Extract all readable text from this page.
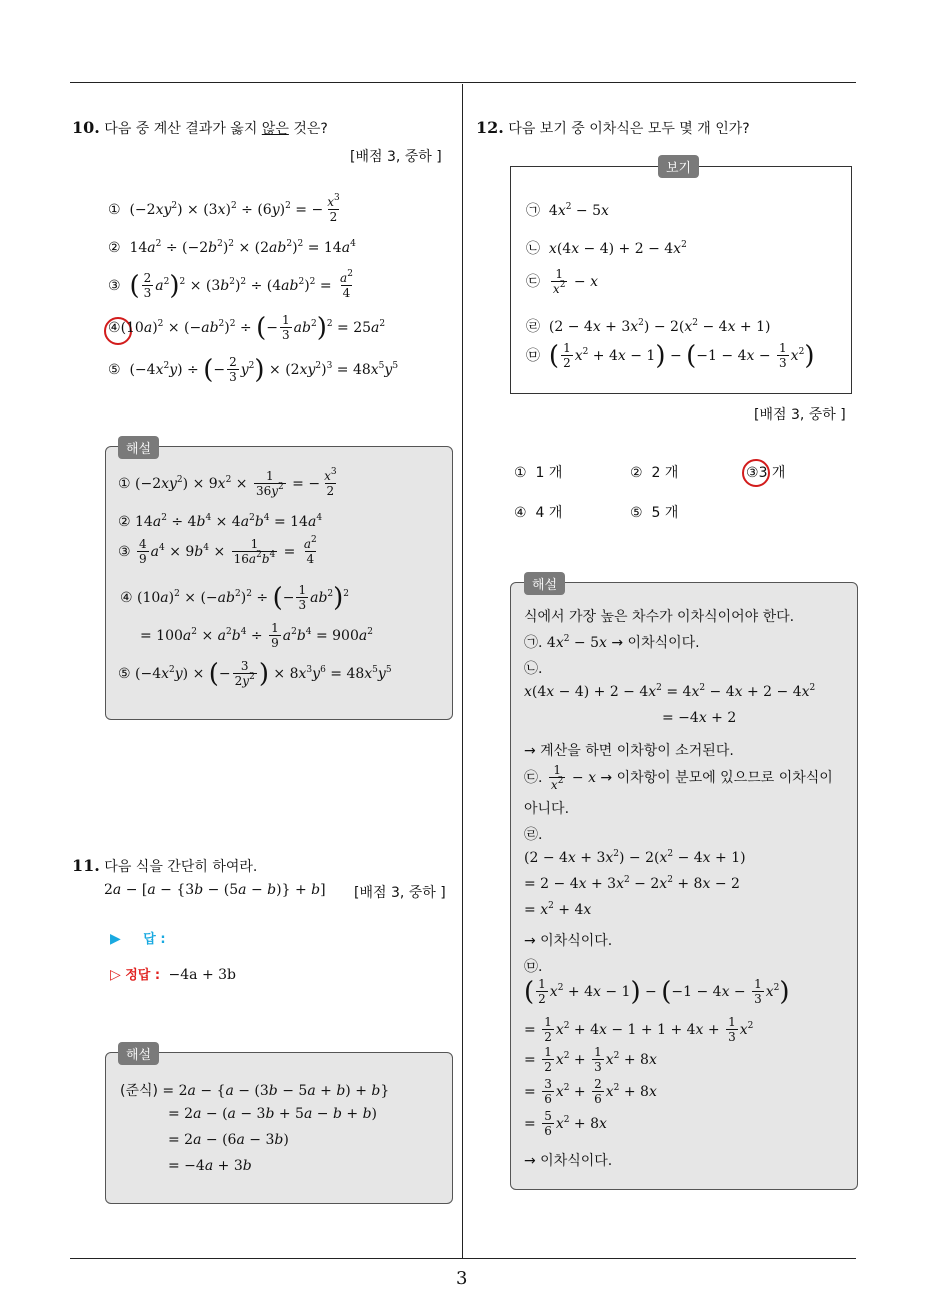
3
10. 다음 중 계산 결과가 옳지 않은 것은?
[배점 3, 중하 ]
①  $(-2xy^2) \times (3x)^2 \div (6y)^2$ = − $\frac{x^3}{2}$
②  $14a^2 \div (-2b^2)^2 \times (2ab^2)^2 = 14a^4$
③ ( $\frac{2}{3} a^2)^2 \times (3b^2)^2 \div (4ab^2)^2 = \frac{a^2}{4}$
$④(10a)^2 \times (-ab^2)^2$ ÷ (− $\frac{1}{3} ab^2)^2 = 25a^2$
⑤  $(-4x^2y)$ ÷ (− $\frac{2}{3} y^2) \times (2xy^2)^3 = 48x^5y^5$
해설
① $(-2xy^2) \times 9x^2 \times \frac{1}{36y^2}$ = − $\frac{x^3}{2}$
② $14a^2 \div 4b^4 \times 4a^2b^4 = 14a^4$
③ $\frac{4}{9} a^4 \times 9b^4 \times \frac{1}{16a^2b^4} = \frac{a^2}{4}$
④ $(10a)^2 \times (-ab^2)^2$ ÷ (− $\frac{1}{3} ab^2)^2$
= $100a^2 \times a^2b^4 \div \frac{1}{9} a^2b^4 = 900a^2$
⑤ $(-4x^2y)$ × (− $\frac{3}{2y^2}$ ) × $8x^3y^6 = 48x^5y^5$
11. 다음 식을 간단히 하여라.
2a − [a − {3b − (5a − b)} + b] [배점 3, 중하 ]
▶ 답 :
▷ 정답 : −4a + 3b
해설
(준식) = 2a − {a − (3b − 5a + b) + b}
= 2a − (a − 3b + 5a − b + b)
= 2a − (6a − 3b)
= −4a + 3b
12. 다음 보기 중 이차식은 모두 몇 개 인가?
보기
㉠  $4x^2 - 5x$
㉡ $x(4x - 4) + 2 - 4x^2$
㉢ $\frac{1}{x^2} - x$
㉣  $(2 - 4x + 3x^2) - 2(x^2 - 4x + 1)$
㉤ ( $\frac{1}{2} x^2 + 4x - 1) - (-1 - 4x - \frac{1}{3} x^2)$
[배점 3, 중하 ]
① 1 개	② 2 개	③3 개
④ 4 개	⑤ 5 개
해설
식에서 가장 높은 차수가 이차식이어야 한다.
㉠. $4x^2 - 5x$ → 이차식이다.
㉡.
$x(4x - 4) + 2 - 4x^2 = 4x^2 - 4x + 2 - 4x^2$
= −4x + 2
→ 계산을 하면 이차항이 소거된다.
㉢. $\frac{1}{x^2} - x$ → 이차항이 분모에 있으므로 이차식이
아니다.
㉣.
$(2 - 4x + 3x^2) - 2(x^2 - 4x + 1)$
= $2 - 4x + 3x^2 - 2x^2 + 8x - 2$
= $x^2 + 4x$
→ 이차식이다.
㉤.
( $\frac{1}{2} x^2 + 4x - 1) - (-1 - 4x - \frac{1}{3} x^2)$
= $\frac{1}{2} x^2 + 4x - 1 + 1 + 4x + \frac{1}{3} x^2$
= $\frac{1}{2} x^2 + \frac{1}{3} x^2 + 8x$
= $\frac{3}{6} x^2 + \frac{2}{6} x^2 + 8x$
= $\frac{5}{6} x^2 + 8x$
→ 이차식이다.
